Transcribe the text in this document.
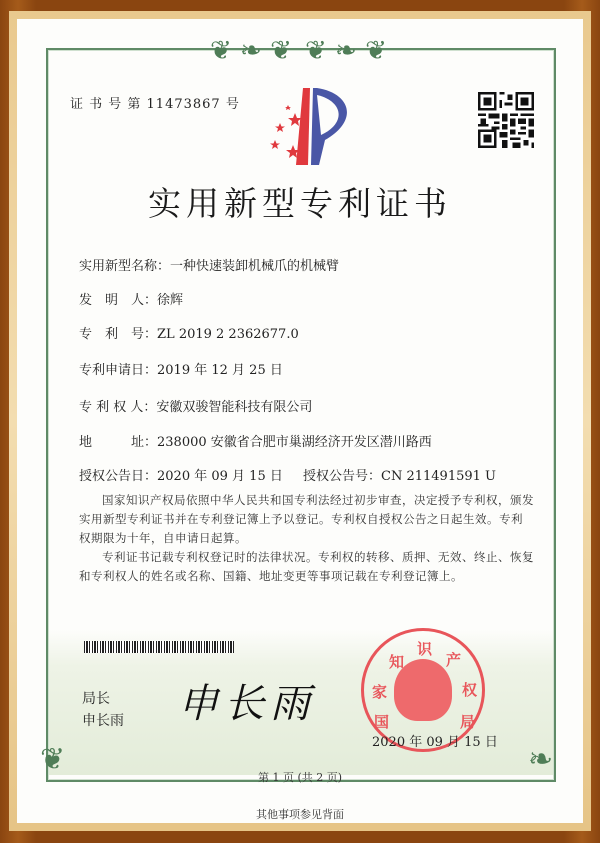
❦ ❧ ❦ ❦ ❧ ❦
❦	❧
证 书 号 第 11473867 号
实用新型专利证书
实用新型名称：一种快速装卸机械爪的机械臂
发　明　人：徐辉
专　利　号：ZL 2019 2 2362677.0
专利申请日：2019 年 12 月 25 日
专 利 权 人：安徽双骏智能科技有限公司
地　　　址：238000 安徽省合肥市巢湖经济开发区潜川路西
授权公告日：2020 年 09 月 15 日 授权公告号：CN 211491591 U
国家知识产权局依照中华人民共和国专利法经过初步审查，决定授予专利权，颁发实用新型专利证书并在专利登记簿上予以登记。专利权自授权公告之日起生效。专利权期限为十年，自申请日起算。
专利证书记载专利权登记时的法律状况。专利权的转移、质押、无效、终止、恢复和专利权人的姓名或名称、国籍、地址变更等事项记载在专利登记簿上。
局长
申长雨 申长雨	国
家
知
识
产
权
局
2020 年 09 月 15 日
第 1 页 (共 2 页)
其他事项参见背面
